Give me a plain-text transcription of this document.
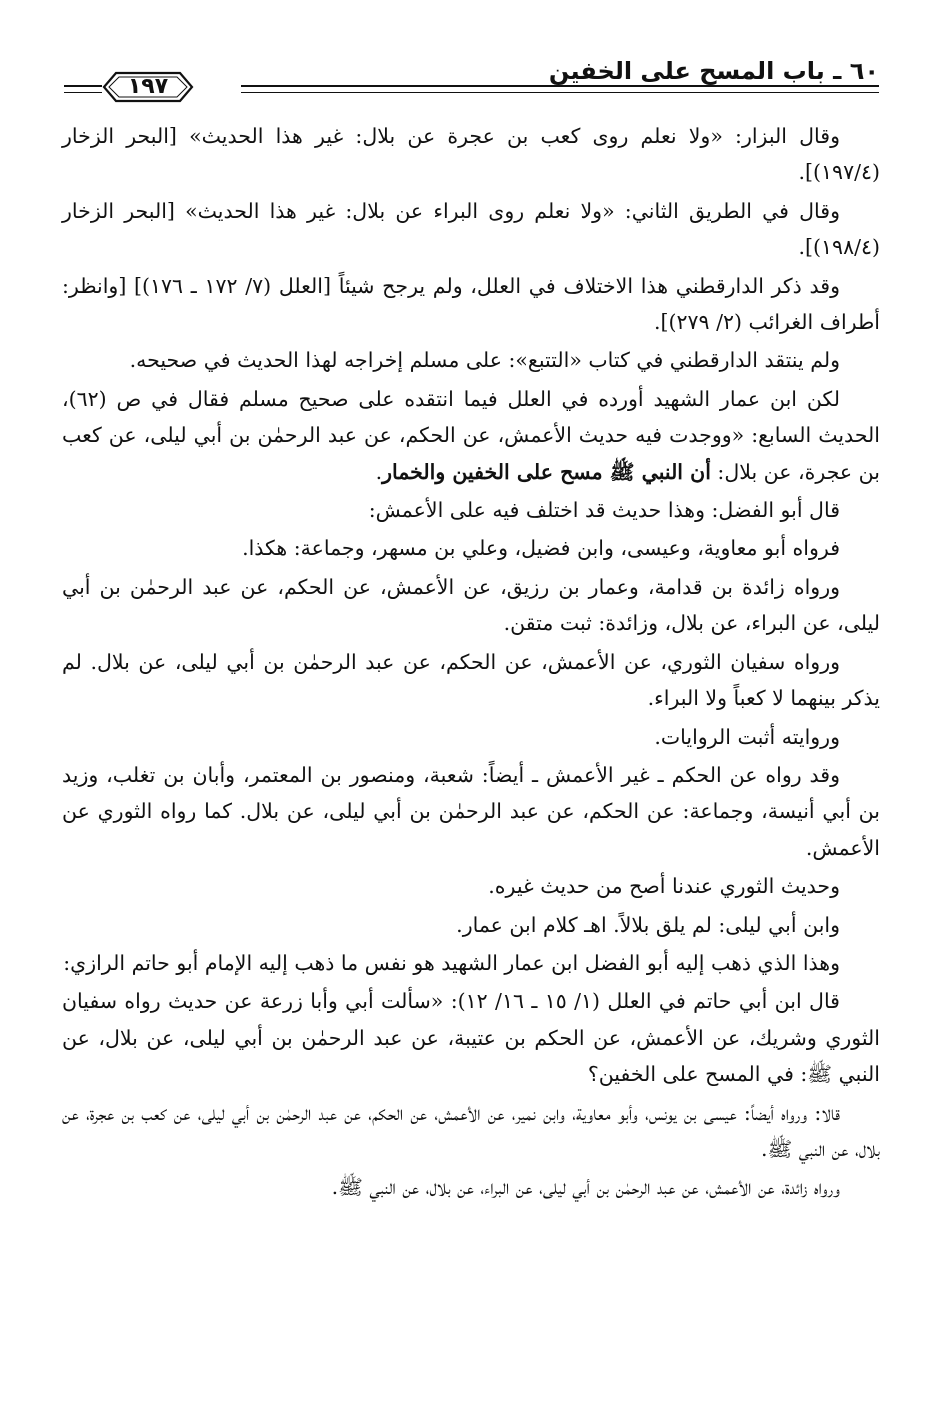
٦٠ ـ باب المسح على الخفين
١٩٧

وقال البزار: «ولا نعلم روى كعب بن عجرة عن بلال: غير هذا الحديث» [البحر الزخار (١٩٧/٤)].

وقال في الطريق الثاني: «ولا نعلم روى البراء عن بلال: غير هذا الحديث» [البحر الزخار (١٩٨/٤)].

وقد ذكر الدارقطني هذا الاختلاف في العلل، ولم يرجح شيئاً [العلل (٧/ ١٧٢ ـ ١٧٦)] [وانظر: أطراف الغرائب (٢/ ٢٧٩)].

ولم ينتقد الدارقطني في كتاب «التتبع»: على مسلم إخراجه لهذا الحديث في صحيحه.

لكن ابن عمار الشهيد أورده في العلل فيما انتقده على صحيح مسلم فقال في ص (٦٢)، الحديث السابع: «ووجدت فيه حديث الأعمش، عن الحكم، عن عبد الرحمٰن بن أبي ليلى، عن كعب بن عجرة، عن بلال: أن النبي ﷺ مسح على الخفين والخمار.

قال أبو الفضل: وهذا حديث قد اختلف فيه على الأعمش:

فرواه أبو معاوية، وعيسى، وابن فضيل، وعلي بن مسهر، وجماعة: هكذا.

ورواه زائدة بن قدامة، وعمار بن رزيق، عن الأعمش، عن الحكم، عن عبد الرحمٰن بن أبي ليلى، عن البراء، عن بلال، وزائدة: ثبت متقن.

ورواه سفيان الثوري، عن الأعمش، عن الحكم، عن عبد الرحمٰن بن أبي ليلى، عن بلال. لم يذكر بينهما لا كعباً ولا البراء.

وروايته أثبت الروايات.

وقد رواه عن الحكم ـ غير الأعمش ـ أيضاً: شعبة، ومنصور بن المعتمر، وأبان بن تغلب، وزيد بن أبي أنيسة، وجماعة: عن الحكم، عن عبد الرحمٰن بن أبي ليلى، عن بلال. كما رواه الثوري عن الأعمش.

وحديث الثوري عندنا أصح من حديث غيره.

وابن أبي ليلى: لم يلق بلالاً. اهـ كلام ابن عمار.

وهذا الذي ذهب إليه أبو الفضل ابن عمار الشهيد هو نفس ما ذهب إليه الإمام أبو حاتم الرازي:

قال ابن أبي حاتم في العلل (١/ ١٥ ـ ١٦/ ١٢): «سألت أبي وأبا زرعة عن حديث رواه سفيان الثوري وشريك، عن الأعمش، عن الحكم بن عتيبة، عن عبد الرحمٰن بن أبي ليلى، عن بلال، عن النبي ﷺ: في المسح على الخفين؟

قالا: ورواه أيضاً: عيسى بن يونس، وأبو معاوية، وابن نمير، عن الأعمش، عن الحكم، عن عبد الرحمٰن بن أبي ليلى، عن كعب بن عجرة، عن بلال، عن النبي ﷺ.

ورواه زائدة، عن الأعمش، عن عبد الرحمٰن بن أبي ليلى، عن البراء، عن بلال، عن النبي ﷺ.
